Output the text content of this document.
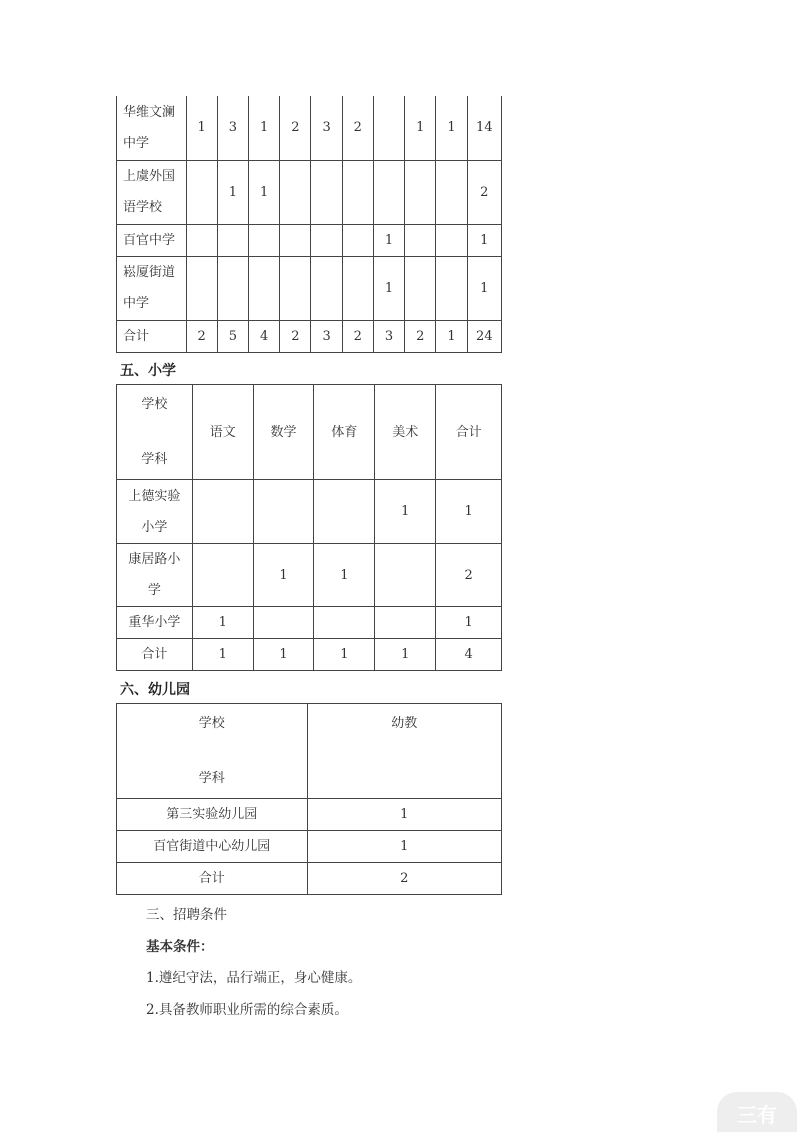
华维文澜
中学	1	3	1	2	3	2		1	1	14

上虞外国
语学校		1	1							2

百官中学							1			1

崧厦街道
中学							1			1

合计	2	5	4	2	3	2	3	2	1	24
五、小学
学校
学科	语文	数学	体育	美术	合计

上德实验
小学				1	1

康居路小
学		1	1		2

重华小学	1				1

合计	1	1	1	1	4
六、幼儿园
学校
学科	幼教
第三实验幼儿园	1
百官街道中心幼儿园	1
合计	2
三、招聘条件
基本条件：
1.遵纪守法，品行端正，身心健康。
2.具备教师职业所需的综合素质。
三有
